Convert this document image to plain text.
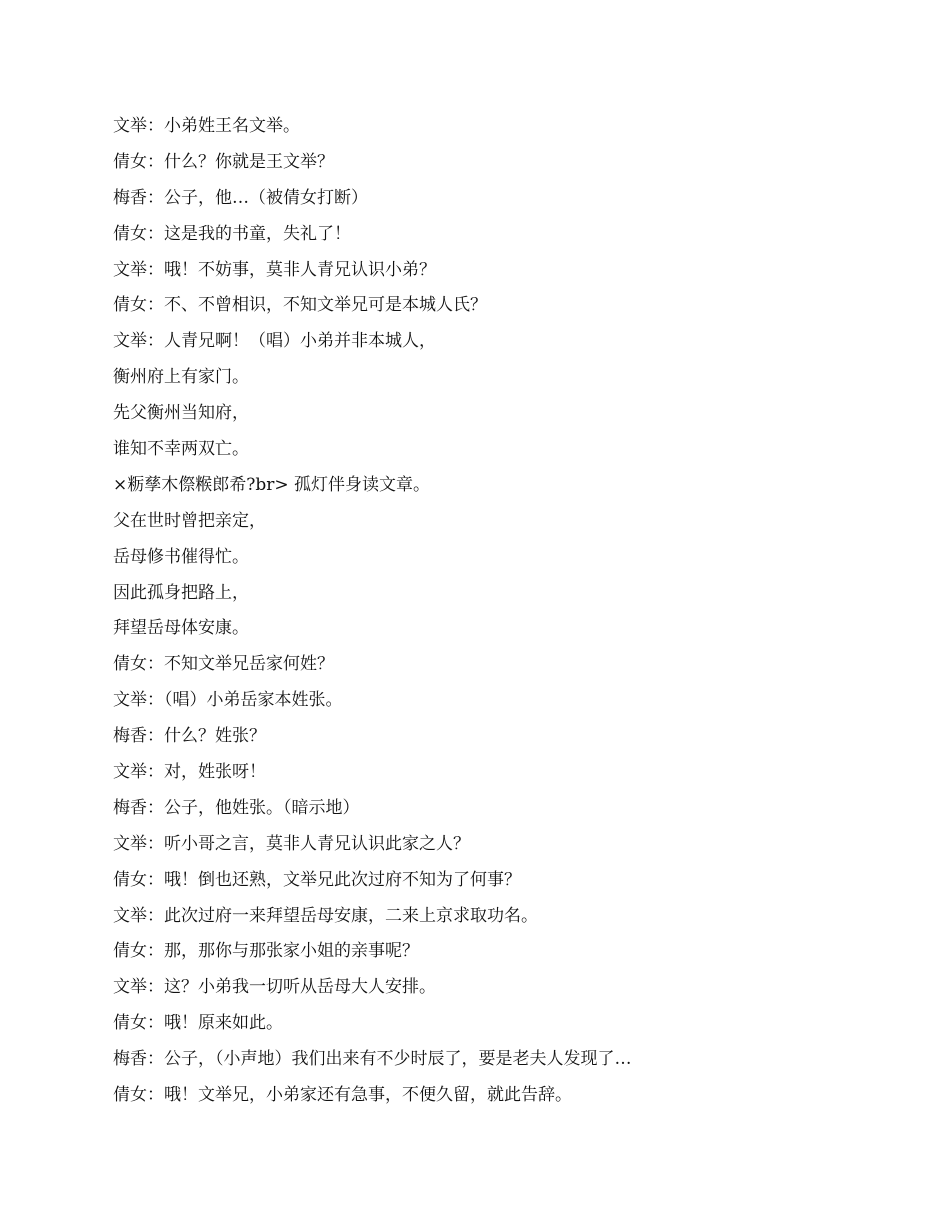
文举：小弟姓王名文举。
倩女：什么？你就是王文举？
梅香：公子，他…（被倩女打断）
倩女：这是我的书童，失礼了！
文举：哦！不妨事，莫非人青兄认识小弟？
倩女：不、不曾相识，不知文举兄可是本城人氏？
文举：人青兄啊！（唱）小弟并非本城人，
衡州府上有家门。
先父衡州当知府，
谁知不幸两双亡。
×粝孳木傺糇郎希?br> 孤灯伴身读文章。
父在世时曾把亲定，
岳母修书催得忙。
因此孤身把路上，
拜望岳母体安康。
倩女：不知文举兄岳家何姓？
文举：（唱）小弟岳家本姓张。
梅香：什么？姓张？
文举：对，姓张呀！
梅香：公子，他姓张。（暗示地）
文举：听小哥之言，莫非人青兄认识此家之人？
倩女：哦！倒也还熟，文举兄此次过府不知为了何事？
文举：此次过府一来拜望岳母安康，二来上京求取功名。
倩女：那，那你与那张家小姐的亲事呢？
文举：这？小弟我一切听从岳母大人安排。
倩女：哦！原来如此。
梅香：公子，（小声地）我们出来有不少时辰了，要是老夫人发现了…
倩女：哦！文举兄，小弟家还有急事，不便久留，就此告辞。
